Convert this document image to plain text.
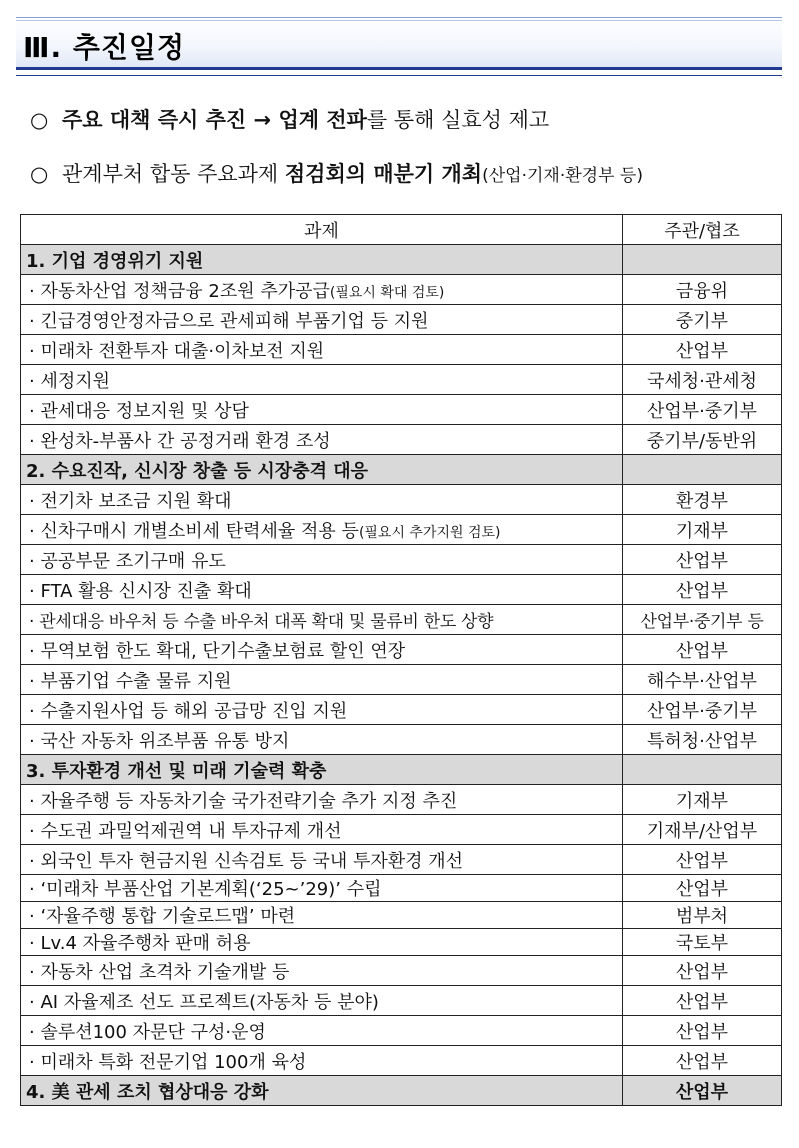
Ⅲ. 추진일정
○ 주요 대책 즉시 추진 → 업계 전파를 통해 실효성 제고
○ 관계부처 합동 주요과제 점검회의 매분기 개최(산업·기재·환경부 등)
과제	주관/협조
1. 기업 경영위기 지원	
· 자동차산업 정책금융 2조원 추가공급(필요시 확대 검토)	금융위
· 긴급경영안정자금으로 관세피해 부품기업 등 지원	중기부
· 미래차 전환투자 대출·이차보전 지원	산업부
· 세정지원	국세청·관세청
· 관세대응 정보지원 및 상담	산업부·중기부
· 완성차-부품사 간 공정거래 환경 조성	중기부/동반위
2. 수요진작, 신시장 창출 등 시장충격 대응	
· 전기차 보조금 지원 확대	환경부
· 신차구매시 개별소비세 탄력세율 적용 등(필요시 추가지원 검토)	기재부
· 공공부문 조기구매 유도	산업부
· FTA 활용 신시장 진출 확대	산업부
· 관세대응 바우처 등 수출 바우처 대폭 확대 및 물류비 한도 상향	산업부·중기부 등
· 무역보험 한도 확대, 단기수출보험료 할인 연장	산업부
· 부품기업 수출 물류 지원	해수부·산업부
· 수출지원사업 등 해외 공급망 진입 지원	산업부·중기부
· 국산 자동차 위조부품 유통 방지	특허청·산업부
3. 투자환경 개선 및 미래 기술력 확충	
· 자율주행 등 자동차기술 국가전략기술 추가 지정 추진	기재부
· 수도권 과밀억제권역 내 투자규제 개선	기재부/산업부
· 외국인 투자 현금지원 신속검토 등 국내 투자환경 개선	산업부
· ‘미래차 부품산업 기본계획(‘25~’29)’ 수립	산업부
· ‘자율주행 통합 기술로드맵’ 마련	범부처
· Lv.4 자율주행차 판매 허용	국토부
· 자동차 산업 초격차 기술개발 등	산업부
· AI 자율제조 선도 프로젝트(자동차 등 분야)	산업부
· 솔루션100 자문단 구성·운영	산업부
· 미래차 특화 전문기업 100개 육성	산업부
4. 美 관세 조치 협상대응 강화	산업부
